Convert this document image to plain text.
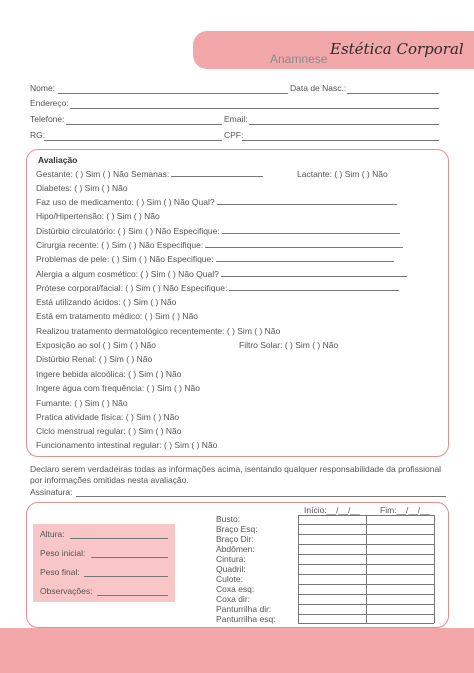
Anamnese
Estética Corporal
Nome:	Data de Nasc.:
Endereço:
Telefone:	Email:
RG:	CPF:
Avaliação
Gestante: ( ) Sim ( ) Não Semanas:	Lactante: ( ) Sim ( ) Não
Diabetes: ( ) Sim ( ) Não
Faz uso de medicamento: ( ) Sim ( ) Não Qual?
Hipo/Hipertensão: ( ) Sim ( ) Não
Distúrbio circulatório: ( ) Sim ( ) Não Especifique:
Cirurgia recente: ( ) Sim ( ) Não Especifique:
Problemas de pele: ( ) Sim ( ) Não Especifique:
Alergia a algum cosmético: ( ) Sim ( ) Não Qual?
Prótese corporal/facial: ( ) Sim ( ) Não Especifique:
Está utilizando ácidos: ( ) Sim ( ) Não
Está em tratamento médico: ( ) Sim ( ) Não
Realizou tratamento dermatológico recentemente: ( ) Sim ( ) Não
Exposição ao sol ( ) Sim ( ) Não	Filtro Solar: ( ) Sim ( ) Não
Distúrbio Renal: ( ) Sim ( ) Não
Ingere bebida alcoólica: ( ) Sim ( ) Não
Ingere água com frequência: ( ) Sim ( ) Não
Fumante: ( ) Sim ( ) Não
Pratica atividade física: ( ) Sim ( ) Não
Ciclo menstrual regular: ( ) Sim ( ) Não
Funcionamento intestinal regular: ( ) Sim ( ) Não
Declaro serem verdadeiras todas as informações acima, isentando qualquer responsabilidade da profissional por informações omitidas nesta avaliação.
Assinatura:
Altura:
Peso inicial:
Peso final:
Observações:
Início:__/__/__ Fim:__/__/__
Busto:
Braço Esq:
Braço Dir:
Abdômen:
Cintura:
Quadril:
Culote:
Coxa esq:
Coxa dir:
Panturrilha dir:
Panturrilha esq:
